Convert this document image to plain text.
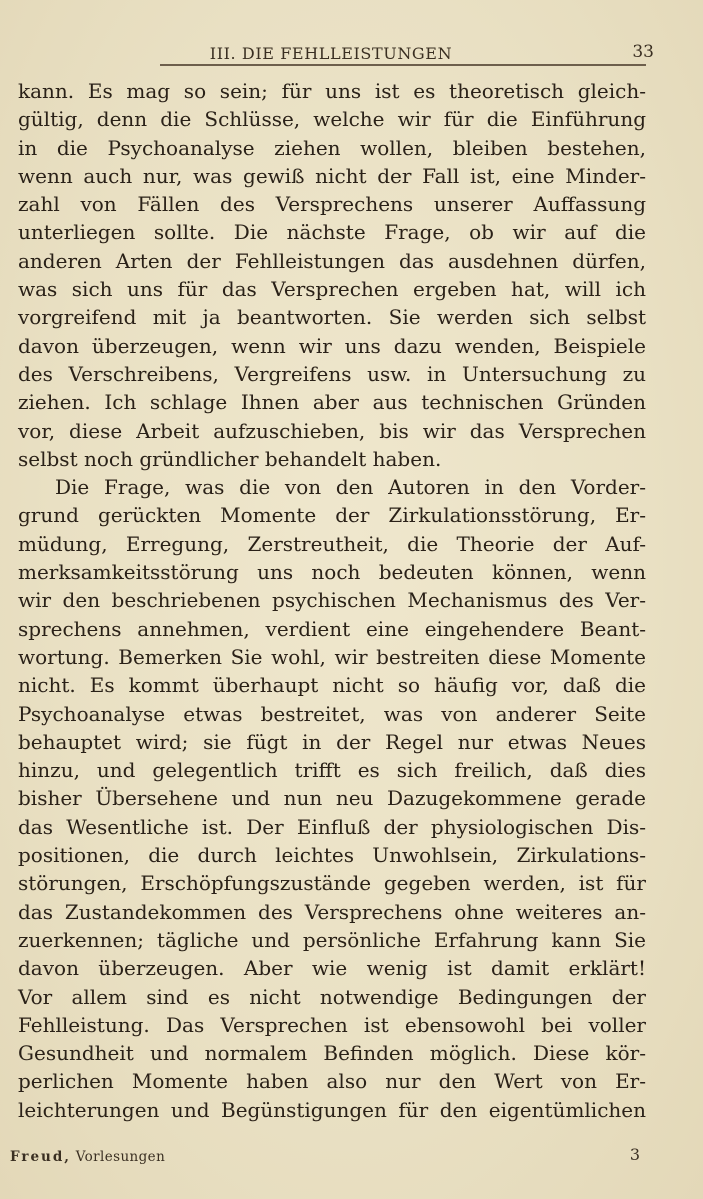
III. DIE FEHLLEISTUNGEN	33
kann. Es mag so sein; für uns ist es theoretisch gleich-
gültig, denn die Schlüsse, welche wir für die Einführung
in die Psychoanalyse ziehen wollen, bleiben bestehen,
wenn auch nur, was gewiß nicht der Fall ist, eine Minder-
zahl von Fällen des Versprechens unserer Auffassung
unterliegen sollte. Die nächste Frage, ob wir auf die
anderen Arten der Fehlleistungen das ausdehnen dürfen,
was sich uns für das Versprechen ergeben hat, will ich
vorgreifend mit ja beantworten. Sie werden sich selbst
davon überzeugen, wenn wir uns dazu wenden, Beispiele
des Verschreibens, Vergreifens usw. in Untersuchung zu
ziehen. Ich schlage Ihnen aber aus technischen Gründen
vor, diese Arbeit aufzuschieben, bis wir das Versprechen
selbst noch gründlicher behandelt haben.
Die Frage, was die von den Autoren in den Vorder-
grund gerückten Momente der Zirkulationsstörung, Er-
müdung, Erregung, Zerstreutheit, die Theorie der Auf-
merksamkeitsstörung uns noch bedeuten können, wenn
wir den beschriebenen psychischen Mechanismus des Ver-
sprechens annehmen, verdient eine eingehendere Beant-
wortung. Bemerken Sie wohl, wir bestreiten diese Momente
nicht. Es kommt überhaupt nicht so häufig vor, daß die
Psychoanalyse etwas bestreitet, was von anderer Seite
behauptet wird; sie fügt in der Regel nur etwas Neues
hinzu, und gelegentlich trifft es sich freilich, daß dies
bisher Übersehene und nun neu Dazugekommene gerade
das Wesentliche ist. Der Einfluß der physiologischen Dis-
positionen, die durch leichtes Unwohlsein, Zirkulations-
störungen, Erschöpfungszustände gegeben werden, ist für
das Zustandekommen des Versprechens ohne weiteres an-
zuerkennen; tägliche und persönliche Erfahrung kann Sie
davon überzeugen. Aber wie wenig ist damit erklärt!
Vor allem sind es nicht notwendige Bedingungen der
Fehlleistung. Das Versprechen ist ebensowohl bei voller
Gesundheit und normalem Befinden möglich. Diese kör-
perlichen Momente haben also nur den Wert von Er-
leichterungen und Begünstigungen für den eigentümlichen
Freud, Vorlesungen	3
